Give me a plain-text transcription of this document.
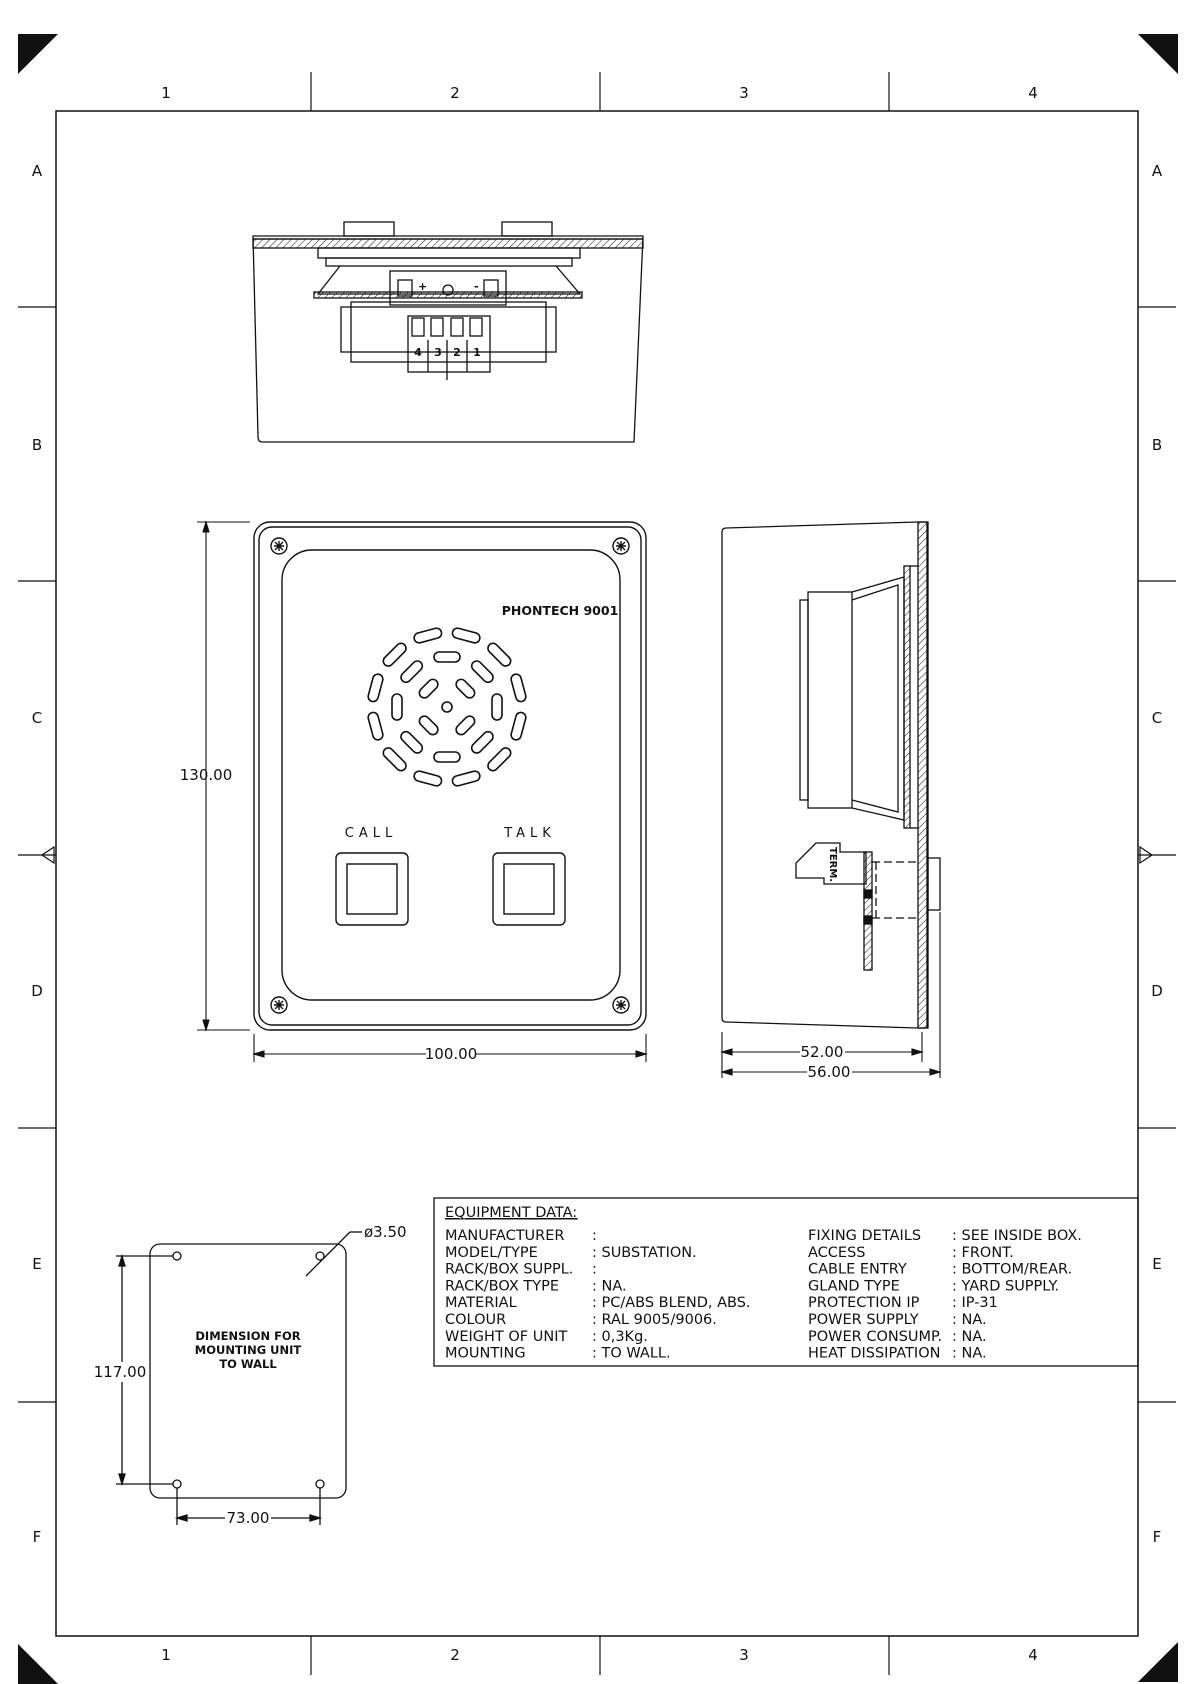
1	2	3	4
1	2	3	4
A
B
C
D
E
F
A
B
C
D
E
F
4 3 2 1
+	-
PHONTECH 9001
CALL	TALK
130.00
100.00
TERM.
52.00
56.00
ø3.50
DIMENSION FOR
MOUNTING UNIT
TO WALL
117.00
73.00
EQUIPMENT DATA:
MANUFACTURER :
MODEL/TYPE	: SUBSTATION.
RACK/BOX SUPPL. :
RACK/BOX TYPE : NA.
MATERIAL	: PC/ABS BLEND, ABS.
COLOUR	: RAL 9005/9006.
WEIGHT OF UNIT : 0,3Kg.
MOUNTING	: TO WALL.
FIXING DETAILS : SEE INSIDE BOX.
ACCESS	: FRONT.
CABLE ENTRY	: BOTTOM/REAR.
GLAND TYPE	: YARD SUPPLY.
PROTECTION IP : IP-31
POWER SUPPLY : NA.
POWER CONSUMP. : NA.
HEAT DISSIPATION : NA.
